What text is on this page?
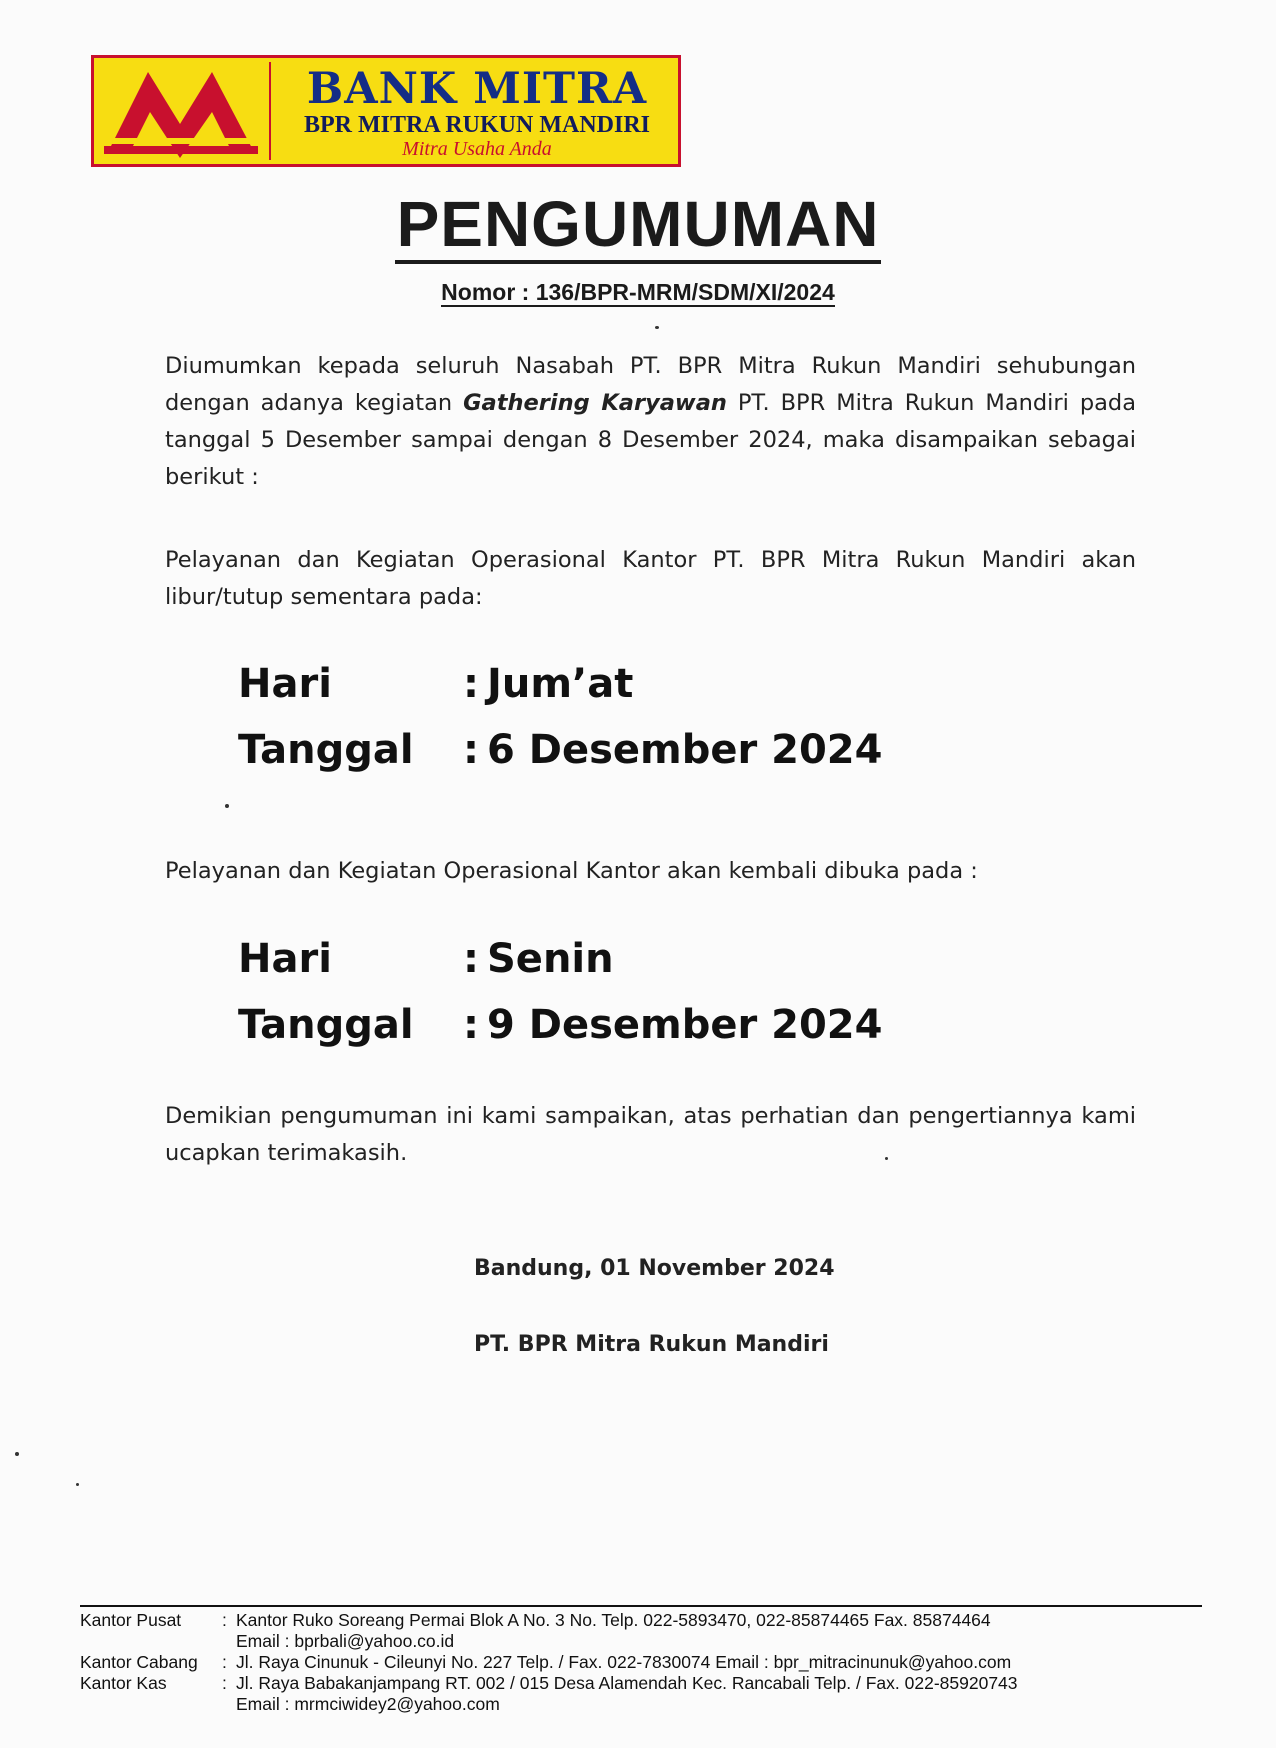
BANK MITRA
BPR MITRA RUKUN MANDIRI
Mitra Usaha Anda
PENGUMUMAN
Nomor : 136/BPR-MRM/SDM/XI/2024

Diumumkan kepada seluruh Nasabah PT. BPR Mitra Rukun Mandiri sehubungan dengan adanya kegiatan Gathering Karyawan PT. BPR Mitra Rukun Mandiri pada tanggal 5 Desember sampai dengan 8 Desember 2024, maka disampaikan sebagai berikut :

Pelayanan dan Kegiatan Operasional Kantor PT. BPR Mitra Rukun Mandiri akan libur/tutup sementara pada:

Hari	: Jum’at
Tanggal : 6 Desember 2024

Pelayanan dan Kegiatan Operasional Kantor akan kembali dibuka pada :

Hari	: Senin
Tanggal : 9 Desember 2024

Demikian pengumuman ini kami sampaikan, atas perhatian dan pengertiannya kami ucapkan terimakasih.

Bandung, 01 November 2024
PT. BPR Mitra Rukun Mandiri
Kantor Pusat	: Kantor Ruko Soreang Permai Blok A No. 3 No. Telp. 022-5893470, 022-85874465 Fax. 85874464
Email : bprbali@yahoo.co.id
Kantor Cabang	: Jl. Raya Cinunuk - Cileunyi No. 227 Telp. / Fax. 022-7830074 Email : bpr_mitracinunuk@yahoo.com
Kantor Kas	: Jl. Raya Babakanjampang RT. 002 / 015 Desa Alamendah Kec. Rancabali Telp. / Fax. 022-85920743
Email : mrmciwidey2@yahoo.com
